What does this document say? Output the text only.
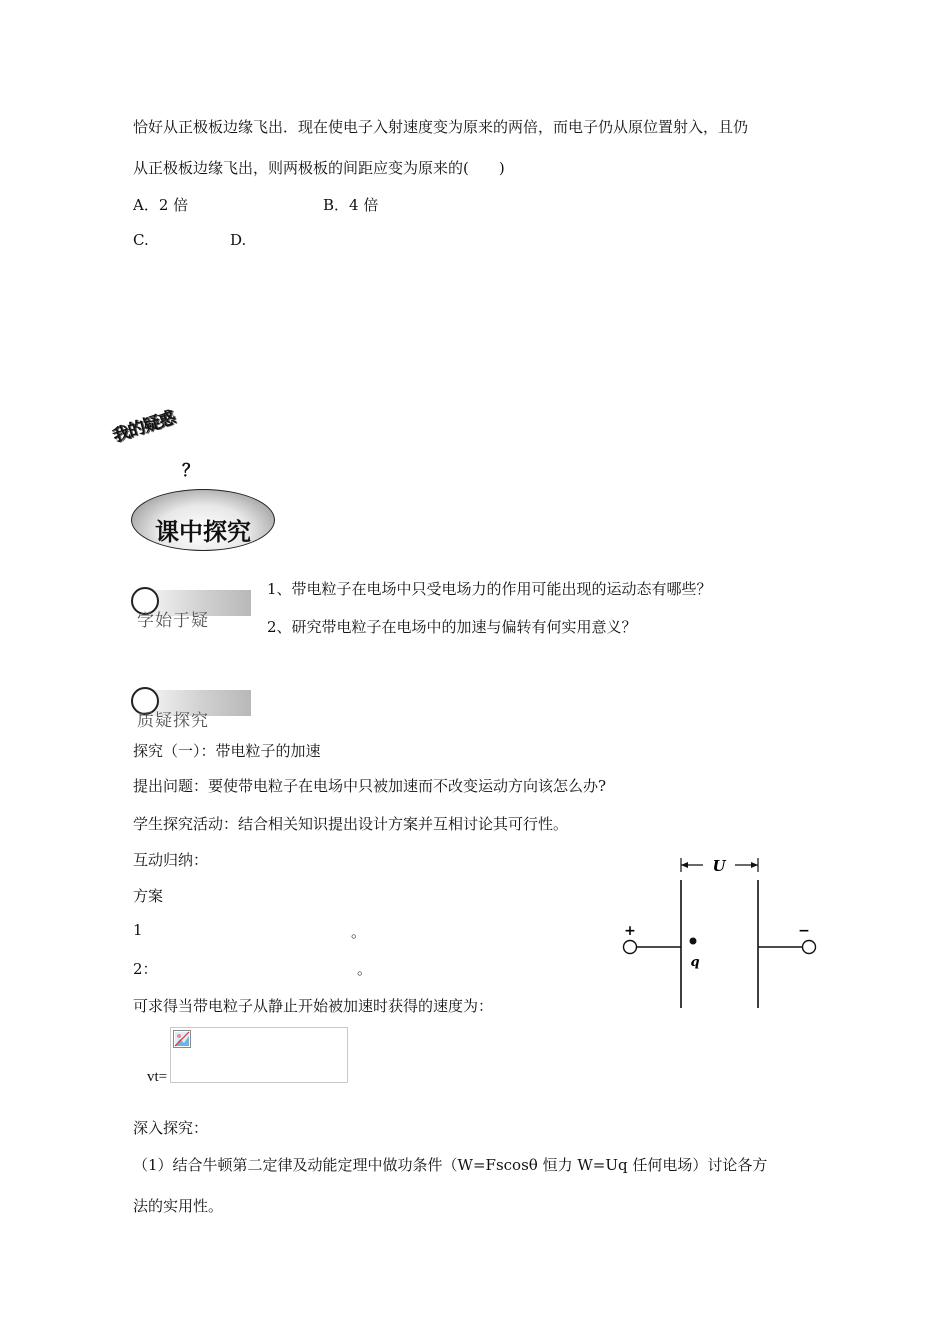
恰好从正极板边缘飞出．现在使电子入射速度变为原来的两倍，而电子仍从原位置射入，且仍
从正极板边缘飞出，则两极板的间距应变为原来的(　　)
A．2 倍	B．4 倍
C.	D.
我的疑惑
？
课中探究
学始于疑
1、带电粒子在电场中只受电场力的作用可能出现的运动态有哪些？
2、研究带电粒子在电场中的加速与偏转有何实用意义？
质疑探究
探究（一）：带电粒子的加速
提出问题：要使带电粒子在电场中只被加速而不改变运动方向该怎么办?
学生探究活动：结合相关知识提出设计方案并互相讨论其可行性。
互动归纳：
方案
1	。
2：	。
可求得当带电粒子从静止开始被加速时获得的速度为：
vt=
深入探究：
（1）结合牛顿第二定律及动能定理中做功条件（W=Fscosθ 恒力 W=Uq 任何电场）讨论各方
法的实用性。
U
+	−
q
